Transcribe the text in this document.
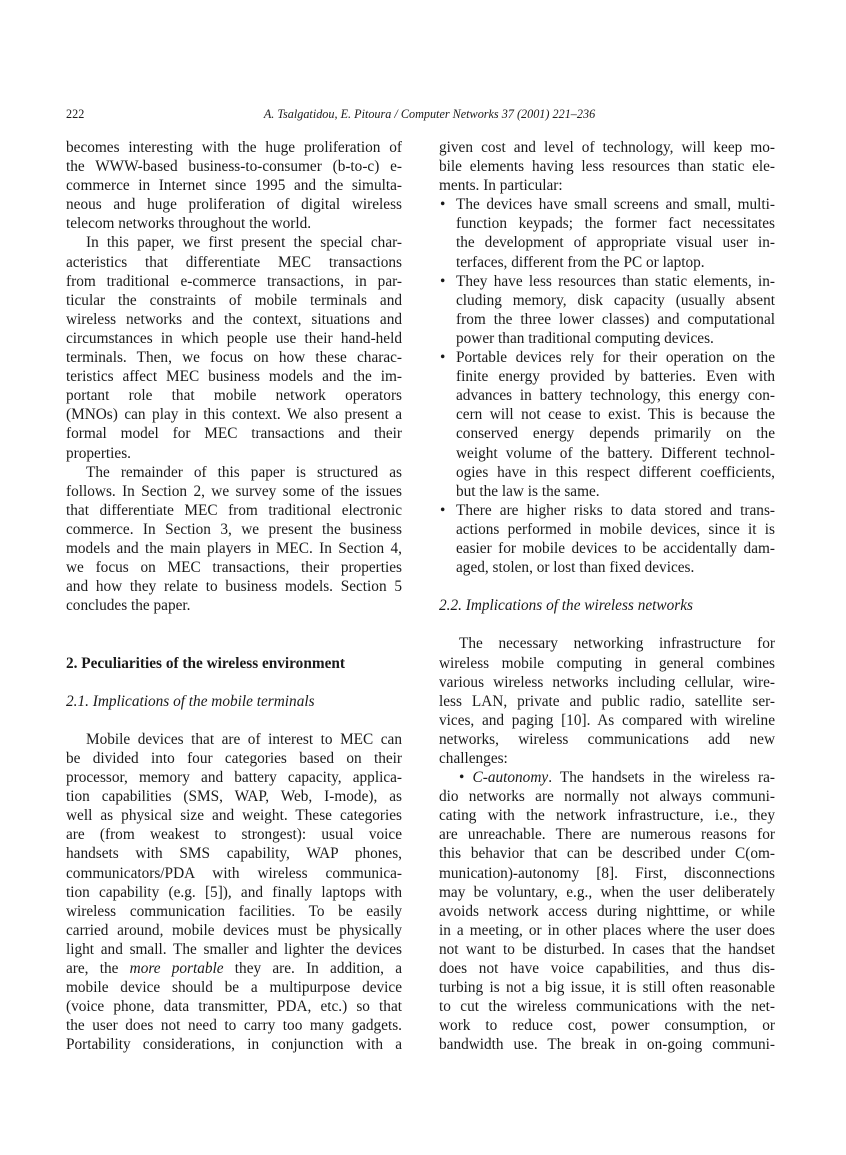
222	A. Tsalgatidou, E. Pitoura / Computer Networks 37 (2001) 221–236
becomes interesting with the huge proliferation of
the WWW-based business-to-consumer (b-to-c) e-
commerce in Internet since 1995 and the simulta-
neous and huge proliferation of digital wireless
telecom networks throughout the world.
In this paper, we first present the special char-
acteristics that differentiate MEC transactions
from traditional e-commerce transactions, in par-
ticular the constraints of mobile terminals and
wireless networks and the context, situations and
circumstances in which people use their hand-held
terminals. Then, we focus on how these charac-
teristics affect MEC business models and the im-
portant role that mobile network operators
(MNOs) can play in this context. We also present a
formal model for MEC transactions and their
properties.
The remainder of this paper is structured as
follows. In Section 2, we survey some of the issues
that differentiate MEC from traditional electronic
commerce. In Section 3, we present the business
models and the main players in MEC. In Section 4,
we focus on MEC transactions, their properties
and how they relate to business models. Section 5
concludes the paper.
2. Peculiarities of the wireless environment
2.1. Implications of the mobile terminals
Mobile devices that are of interest to MEC can
be divided into four categories based on their
processor, memory and battery capacity, applica-
tion capabilities (SMS, WAP, Web, I-mode), as
well as physical size and weight. These categories
are (from weakest to strongest): usual voice
handsets with SMS capability, WAP phones,
communicators/PDA with wireless communica-
tion capability (e.g. [5]), and finally laptops with
wireless communication facilities. To be easily
carried around, mobile devices must be physically
light and small. The smaller and lighter the devices
are, the more portable they are. In addition, a
mobile device should be a multipurpose device
(voice phone, data transmitter, PDA, etc.) so that
the user does not need to carry too many gadgets.
Portability considerations, in conjunction with a
given cost and level of technology, will keep mo-
bile elements having less resources than static ele-
ments. In particular:
• The devices have small screens and small, multi-
function keypads; the former fact necessitates
the development of appropriate visual user in-
terfaces, different from the PC or laptop.
• They have less resources than static elements, in-
cluding memory, disk capacity (usually absent
from the three lower classes) and computational
power than traditional computing devices.
• Portable devices rely for their operation on the
finite energy provided by batteries. Even with
advances in battery technology, this energy con-
cern will not cease to exist. This is because the
conserved energy depends primarily on the
weight volume of the battery. Different technol-
ogies have in this respect different coefficients,
but the law is the same.
• There are higher risks to data stored and trans-
actions performed in mobile devices, since it is
easier for mobile devices to be accidentally dam-
aged, stolen, or lost than fixed devices.
2.2. Implications of the wireless networks
The necessary networking infrastructure for
wireless mobile computing in general combines
various wireless networks including cellular, wire-
less LAN, private and public radio, satellite ser-
vices, and paging [10]. As compared with wireline
networks, wireless communications add new
challenges:
• C-autonomy. The handsets in the wireless ra-
dio networks are normally not always communi-
cating with the network infrastructure, i.e., they
are unreachable. There are numerous reasons for
this behavior that can be described under C(om-
munication)-autonomy [8]. First, disconnections
may be voluntary, e.g., when the user deliberately
avoids network access during nighttime, or while
in a meeting, or in other places where the user does
not want to be disturbed. In cases that the handset
does not have voice capabilities, and thus dis-
turbing is not a big issue, it is still often reasonable
to cut the wireless communications with the net-
work to reduce cost, power consumption, or
bandwidth use. The break in on-going communi-
